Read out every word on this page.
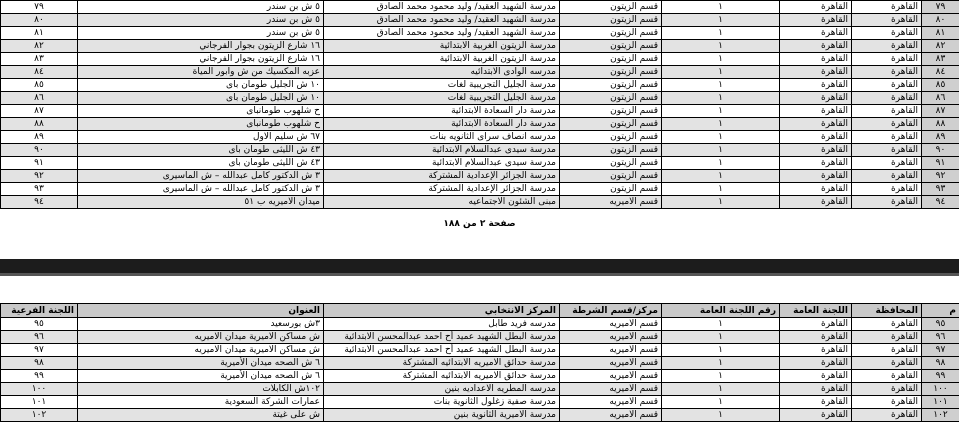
٧٩	القاهرة	القاهرة	١	قسم الزيتون	مدرسة الشهيد العقيد/ وليد محمود محمد الصادق	٥ ش بن سندر	٧٩
٨٠	القاهرة	القاهرة	١	قسم الزيتون	مدرسة الشهيد العقيد/ وليد محمود محمد الصادق	٥ ش بن سندر	٨٠
٨١	القاهرة	القاهرة	١	قسم الزيتون	مدرسة الشهيد العقيد/ وليد محمود محمد الصادق	٥ ش بن سندر	٨١
٨٢	القاهرة	القاهرة	١	قسم الزيتون	مدرسة الزيتون الغربية الابتدائية	١٦ شارع الزيتون بجوار الفرجاني	٨٢
٨٣	القاهرة	القاهرة	١	قسم الزيتون	مدرسة الزيتون الغربية الابتدائية	١٦ شارع الزيتون بجوار الفرجاني	٨٣
٨٤	القاهرة	القاهرة	١	قسم الزيتون	مدرسه الوادى الابتدائيه	عزبه المكسيك من ش وابور المياة	٨٤
٨٥	القاهرة	القاهرة	١	قسم الزيتون	مدرسة الجليل التجريبية لغات	١٠ ش الجليل طومان باى	٨٥
٨٦	القاهرة	القاهرة	١	قسم الزيتون	مدرسة الجليل التجريبية لغات	١٠ ش الجليل طومان باى	٨٦
٨٧	القاهرة	القاهرة	١	قسم الزيتون	مدرسة دار السعادة الابتدائية	ح شلهوب طومانباى	٨٧
٨٨	القاهرة	القاهرة	١	قسم الزيتون	مدرسة دار السعادة الابتدائية	ح شلهوب طومانباى	٨٨
٨٩	القاهرة	القاهرة	١	قسم الزيتون	مدرسه انصاف سراى الثانويه بنات	٦٧ ش سليم الاول	٨٩
٩٠	القاهرة	القاهرة	١	قسم الزيتون	مدرسة سيدى عبدالسلام الابتدائية	٤٣ ش الليثى طومان باى	٩٠
٩١	القاهرة	القاهرة	١	قسم الزيتون	مدرسة سيدى عبدالسلام الابتدائية	٤٣ ش الليثى طومان باى	٩١
٩٢	القاهرة	القاهرة	١	قسم الزيتون	مدرسة الجزائر الإعدادية المشتركة	٣ ش الدكتور كامل عبدالله – ش الماسيرى	٩٢
٩٣	القاهرة	القاهرة	١	قسم الزيتون	مدرسة الجزائر الإعدادية المشتركة	٣ ش الدكتور كامل عبدالله – ش الماسيرى	٩٣
٩٤	القاهرة	القاهرة	١	قسم الاميريه	مبنى الشئون الاجتماعيه	ميدان الاميريه ب ٥١	٩٤
صفحة ٢ من ١٨٨
م	المحافظة	اللجنة العامة	رقم اللجنة العامة	مركز/قسم الشرطة	المركز الانتخابي	العنوان	اللجنة الفرعية
٩٥	القاهرة	القاهرة	١	قسم الاميريه	مدرسه فريد طابل	٣ش بورسعيد	٩٥
٩٦	القاهرة	القاهرة	١	قسم الاميريه	مدرسة البطل الشهيد عميد أح احمد عبدالمحسن الابتدائية	ش مساكن الاميرية ميدان الاميريه	٩٦
٩٧	القاهرة	القاهرة	١	قسم الاميريه	مدرسة البطل الشهيد عميد أح احمد عبدالمحسن الابتدائية	ش مساكن الاميرية ميدان الاميريه	٩٧
٩٨	القاهرة	القاهرة	١	قسم الاميريه	مدرسة حدائق الاميريه الابتدائيه المشتركة	٦ ش الصحه ميدان الأميرية	٩٨
٩٩	القاهرة	القاهرة	١	قسم الاميريه	مدرسة حدائق الاميريه الابتدائيه المشتركة	٦ ش الصحه ميدان الأميرية	٩٩
١٠٠	القاهرة	القاهرة	١	قسم الاميريه	مدرسه المطريه الاعداديه بنين	١٠٢ش الكابلات	١٠٠
١٠١	القاهرة	القاهرة	١	قسم الاميريه	مدرسة صفية زغلول الثانوية بنات	عمارات الشركة السعودية	١٠١
١٠٢	القاهرة	القاهرة	١	قسم الاميريه	مدرسة الاميرية الثانوية بنين	ش على غيتة	١٠٢
